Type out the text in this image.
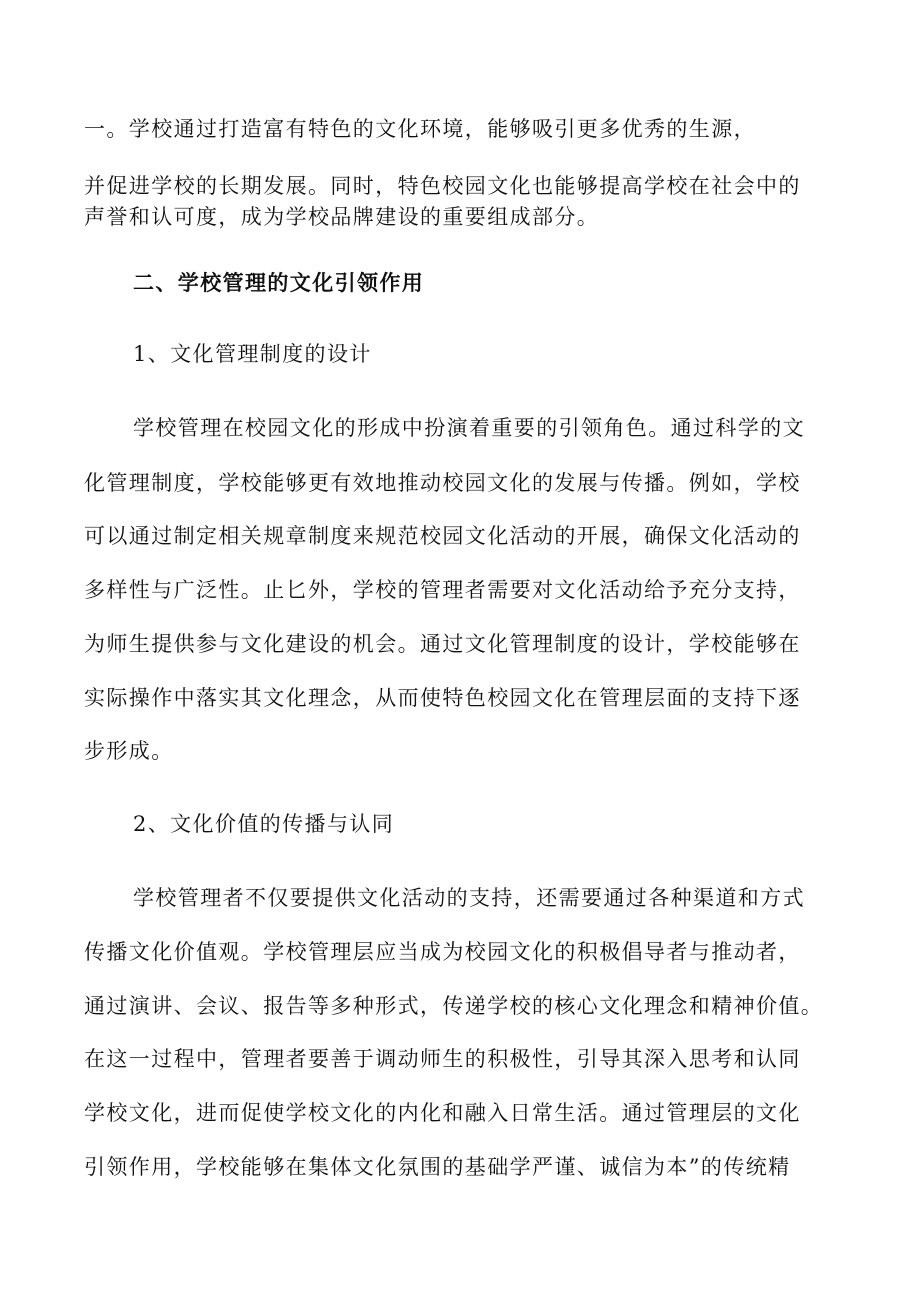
一。学校通过打造富有特色的文化环境，能够吸引更多优秀的生源，
并促进学校的长期发展。同时，特色校园文化也能够提高学校在社会中的
声誉和认可度，成为学校品牌建设的重要组成部分。
二、学校管理的文化引领作用
1、文化管理制度的设计
学校管理在校园文化的形成中扮演着重要的引领角色。通过科学的文
化管理制度，学校能够更有效地推动校园文化的发展与传播。例如，学校
可以通过制定相关规章制度来规范校园文化活动的开展，确保文化活动的
多样性与广泛性。止匕外，学校的管理者需要对文化活动给予充分支持，
为师生提供参与文化建设的机会。通过文化管理制度的设计，学校能够在
实际操作中落实其文化理念，从而使特色校园文化在管理层面的支持下逐
步形成。
2、文化价值的传播与认同
学校管理者不仅要提供文化活动的支持，还需要通过各种渠道和方式
传播文化价值观。学校管理层应当成为校园文化的积极倡导者与推动者，
通过演讲、会议、报告等多种形式，传递学校的核心文化理念和精神价值。
在这一过程中，管理者要善于调动师生的积极性，引导其深入思考和认同
学校文化，进而促使学校文化的内化和融入日常生活。通过管理层的文化
引领作用，学校能够在集体文化氛围的基础学严谨、诚信为本”的传统精
